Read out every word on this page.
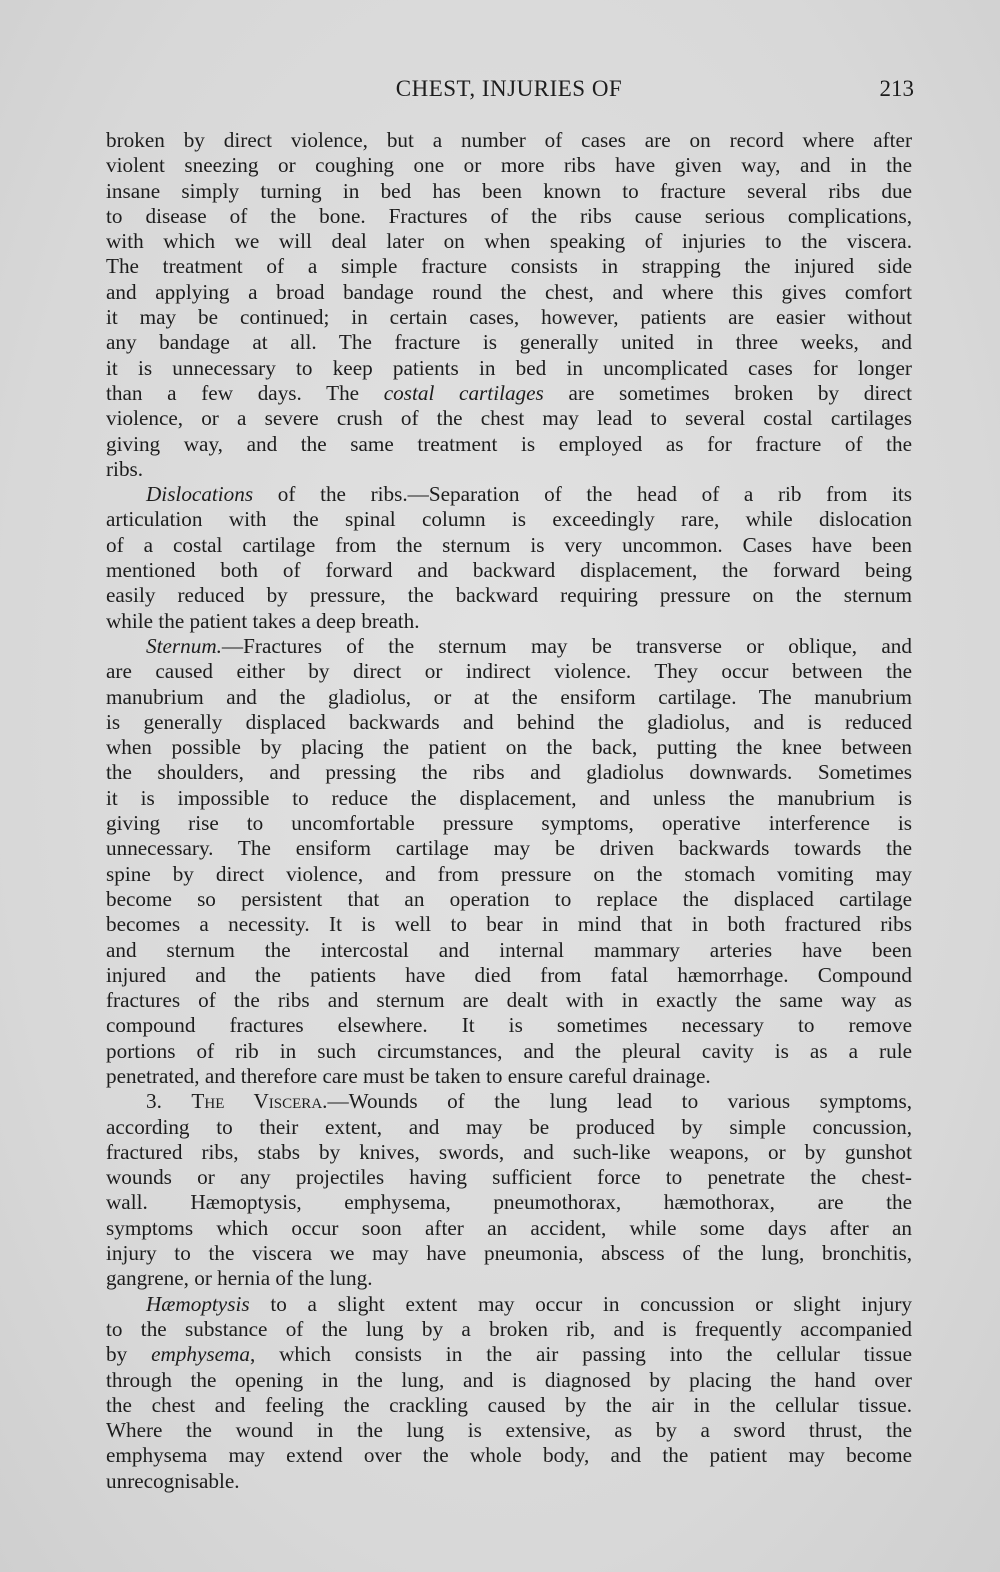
CHEST, INJURIES OF	213
broken by direct violence, but a number of cases are on record where after
violent sneezing or coughing one or more ribs have given way, and in the
insane simply turning in bed has been known to fracture several ribs due
to disease of the bone. Fractures of the ribs cause serious complications,
with which we will deal later on when speaking of injuries to the viscera.
The treatment of a simple fracture consists in strapping the injured side
and applying a broad bandage round the chest, and where this gives comfort
it may be continued; in certain cases, however, patients are easier without
any bandage at all. The fracture is generally united in three weeks, and
it is unnecessary to keep patients in bed in uncomplicated cases for longer
than a few days. The costal cartilages are sometimes broken by direct
violence, or a severe crush of the chest may lead to several costal cartilages
giving way, and the same treatment is employed as for fracture of the
ribs.
Dislocations of the ribs.—Separation of the head of a rib from its
articulation with the spinal column is exceedingly rare, while dislocation
of a costal cartilage from the sternum is very uncommon. Cases have been
mentioned both of forward and backward displacement, the forward being
easily reduced by pressure, the backward requiring pressure on the sternum
while the patient takes a deep breath.
Sternum.—Fractures of the sternum may be transverse or oblique, and
are caused either by direct or indirect violence. They occur between the
manubrium and the gladiolus, or at the ensiform cartilage. The manubrium
is generally displaced backwards and behind the gladiolus, and is reduced
when possible by placing the patient on the back, putting the knee between
the shoulders, and pressing the ribs and gladiolus downwards. Sometimes
it is impossible to reduce the displacement, and unless the manubrium is
giving rise to uncomfortable pressure symptoms, operative interference is
unnecessary. The ensiform cartilage may be driven backwards towards the
spine by direct violence, and from pressure on the stomach vomiting may
become so persistent that an operation to replace the displaced cartilage
becomes a necessity. It is well to bear in mind that in both fractured ribs
and sternum the intercostal and internal mammary arteries have been
injured and the patients have died from fatal hæmorrhage. Compound
fractures of the ribs and sternum are dealt with in exactly the same way as
compound fractures elsewhere. It is sometimes necessary to remove
portions of rib in such circumstances, and the pleural cavity is as a rule
penetrated, and therefore care must be taken to ensure careful drainage.
3. The Viscera.—Wounds of the lung lead to various symptoms,
according to their extent, and may be produced by simple concussion,
fractured ribs, stabs by knives, swords, and such-like weapons, or by gunshot
wounds or any projectiles having sufficient force to penetrate the chest-
wall. Hæmoptysis, emphysema, pneumothorax, hæmothorax, are the
symptoms which occur soon after an accident, while some days after an
injury to the viscera we may have pneumonia, abscess of the lung, bronchitis,
gangrene, or hernia of the lung.
Hæmoptysis to a slight extent may occur in concussion or slight injury
to the substance of the lung by a broken rib, and is frequently accompanied
by emphysema, which consists in the air passing into the cellular tissue
through the opening in the lung, and is diagnosed by placing the hand over
the chest and feeling the crackling caused by the air in the cellular tissue.
Where the wound in the lung is extensive, as by a sword thrust, the
emphysema may extend over the whole body, and the patient may become
unrecognisable.
